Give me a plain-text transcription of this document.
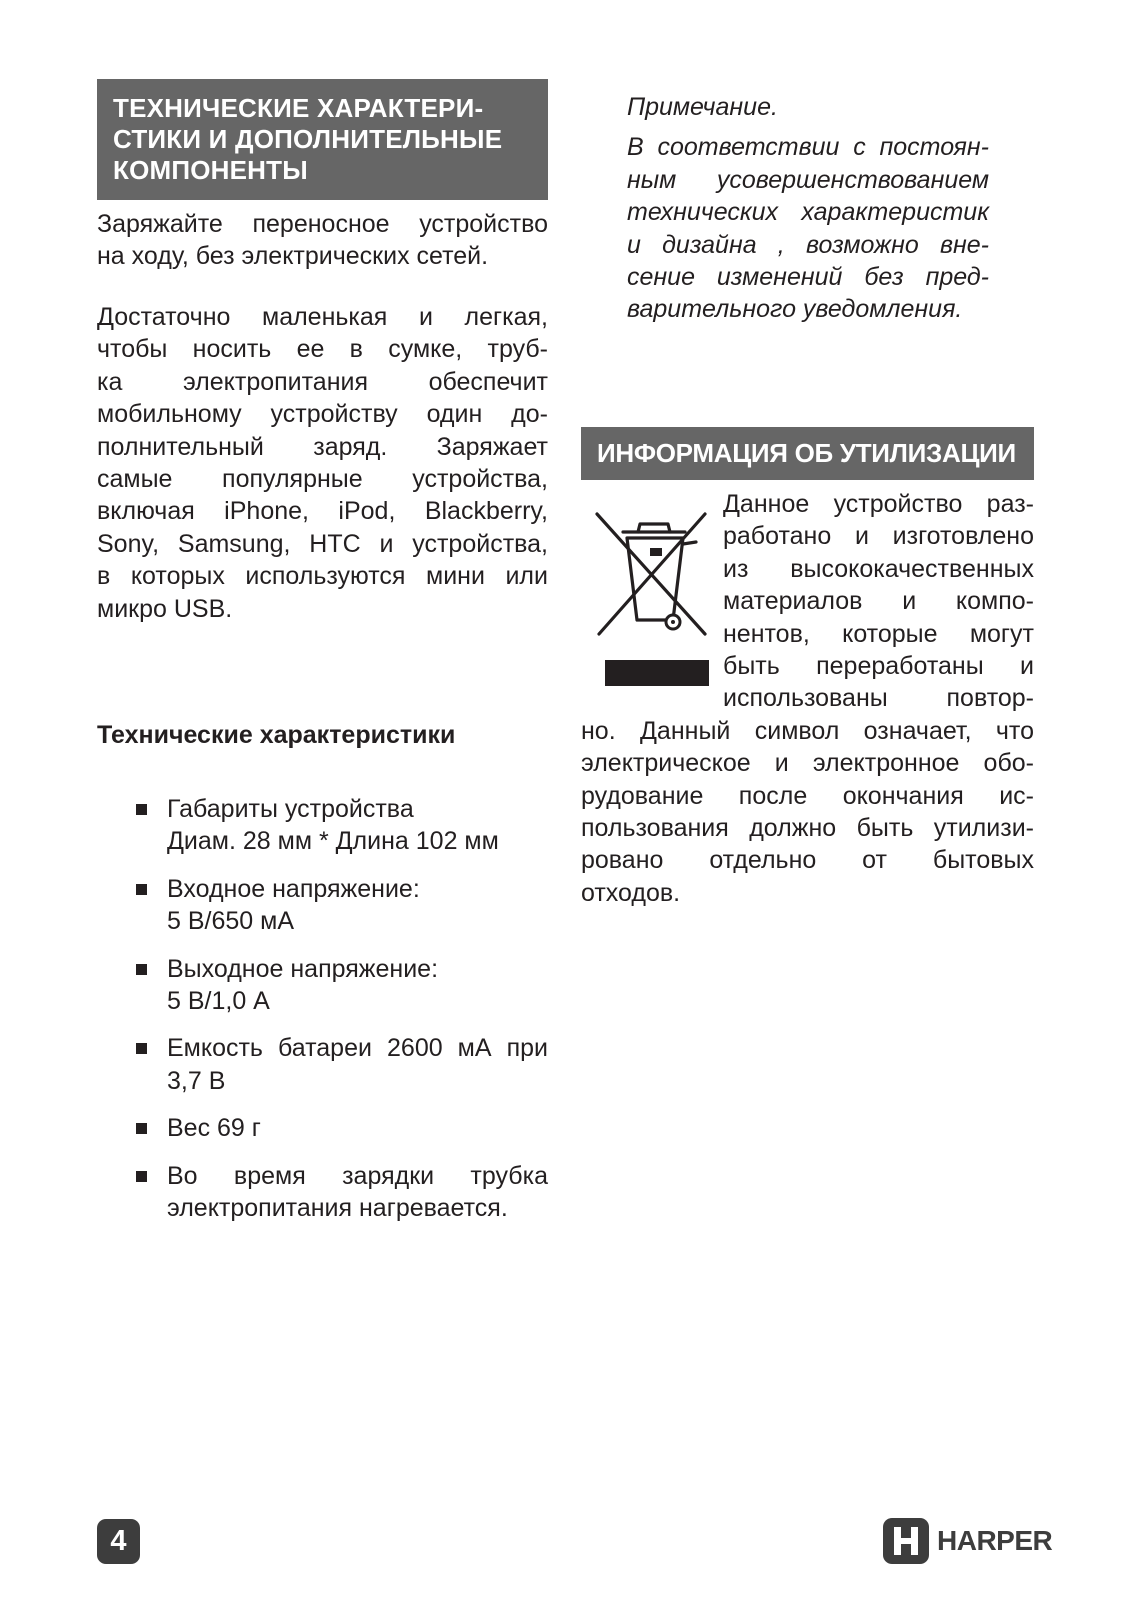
ТЕХНИЧЕСКИЕ ХАРАКТЕРИ-
СТИКИ И ДОПОЛНИТЕЛЬНЫЕ
КОМПОНЕНТЫ

Заряжайте переносное устройство
на ходу, без электрических сетей.

Достаточно маленькая и легкая,
чтобы носить ее в сумке, труб-
ка электропитания обеспечит
мобильному устройству один до-
полнительный заряд. Заряжает
самые популярные устройства,
включая iPhone, iPod, Blackberry,
Sony, Samsung, HTC и устройства,
в которых используются мини или
микро USB.

Технические характеристики
Габариты устройства
Диам. 28 мм * Длина 102 мм
Входное напряжение:
5 В/650 мА
Выходное напряжение:
5 В/1,0 А
Емкость батареи 2600 мА при
3,7 В
Вес 69 г
Во время зарядки трубка
электропитания нагревается.
Примечание.
В соответствии с постоян-
ным усовершенствованием
технических характеристик
и дизайна , возможно вне-
сение изменений без пред-
варительного уведомления.
ИНФОРМАЦИЯ ОБ УТИЛИЗАЦИИ
Данное устройство раз-
работано и изготовлено
из высококачественных
материалов и компо-
нентов, которые могут
быть переработаны и
использованы повтор-
но. Данный символ означает, что
электрическое и электронное обо-
рудование после окончания ис-
пользования должно быть утилизи-
ровано отдельно от бытовых
отходов.
4	HARPER
